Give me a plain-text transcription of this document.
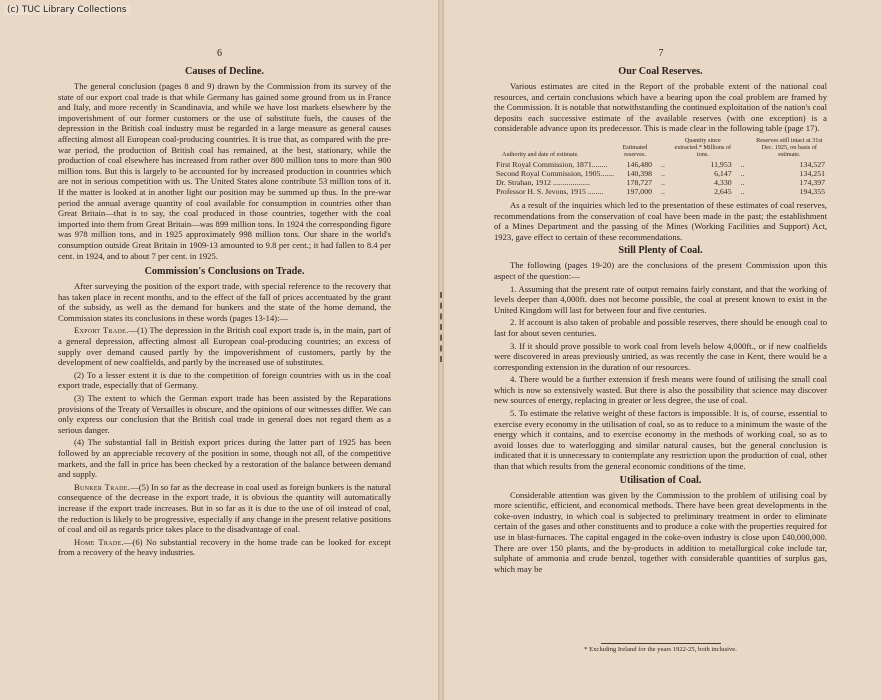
6
Causes of Decline.

The general conclusion (pages 8 and 9) drawn by the Commission from its survey of the state of our export coal trade is that while Germany has gained some ground from us in France and Italy, and more recently in Scandinavia, and while we have lost markets elsewhere by the impoverishment of our former customers or the use of substitute fuels, the causes of the depression in the British coal industry must be regarded in a large measure as general causes affecting almost all European coal-producing countries. It is true that, as compared with the pre-war period, the production of British coal has remained, at the best, stationary, while the production of coal elsewhere has increased from rather over 800 million tons to more than 900 million tons. But this is largely to be accounted for by increased production in countries which are not in serious competition with us. The United States alone contribute 53 million tons of it. If the matter is looked at in another light our position may be summed up thus. In the pre-war period the annual average quantity of coal available for consumption in countries other than Great Britain—that is to say, the coal produced in those countries, together with the coal imported into them from Great Britain—was 899 million tons. In 1924 the corresponding figure was 978 million tons, and in 1925 approximately 998 million tons. Our share in the world's consumption outside Great Britain in 1909-13 amounted to 9.8 per cent.; it had fallen to 8.4 per cent. in 1924, and to about 7 per cent. in 1925.

Commission's Conclusions on Trade.

After surveying the position of the export trade, with special reference to the recovery that has taken place in recent months, and to the effect of the fall of prices accentuated by the grant of the subsidy, as well as the demand for bunkers and the state of the home demand, the Commission states its conclusions in these words (pages 13-14):—

Export Trade.—(1) The depression in the British coal export trade is, in the main, part of a general depression, affecting almost all European coal-producing countries; an excess of supply over demand caused partly by the impoverishment of customers, partly by the development of new coalfields, and partly by the increased use of substitutes.

(2) To a lesser extent it is due to the competition of foreign countries with us in the coal export trade, especially that of Germany.

(3) The extent to which the German export trade has been assisted by the Reparations provisions of the Treaty of Versailles is obscure, and the opinions of our witnesses differ. We can only express our conclusion that the British coal trade in general does not regard them as a serious danger.

(4) The substantial fall in British export prices during the latter part of 1925 has been followed by an appreciable recovery of the position in some, though not all, of the competitive markets, and the fall in price has been checked by a restoration of the balance between demand and supply.

Bunker Trade.—(5) In so far as the decrease in coal used as foreign bunkers is the natural consequence of the decrease in the export trade, it is obvious the quantity will automatically increase if the export trade increases. But in so far as it is due to the use of oil instead of coal, the reduction is likely to be progressive, especially if any change in the present relative positions of coal and oil as regards price takes place to the disadvantage of coal.

Home Trade.—(6) No substantial recovery in the home trade can be looked for except from a recovery of the heavy industries.

7
Our Coal Reserves.

Various estimates are cited in the Report of the probable extent of the national coal resources, and certain conclusions which have a bearing upon the coal problem are framed by the Commission. It is notable that notwithstanding the continued exploitation of the nation's coal deposits each successive estimate of the available reserves (with one exception) is a considerable advance upon its predecessor. This is made clear in the following table (page 17).

Authority and date of estimate.	Estimated reserves.		Quantity since extracted.* Millions of tons.		Reserves still intact at 31st Dec. 1925, on basis of estimate.
First Royal Commission, 1871........	146,480	..	11,953	..	134,527
Second Royal Commission, 1905.......	140,398	..	6,147	..	134,251
Dr. Strahan, 1912 ...................	178,727	..	4,330	..	174,397
Professor H. S. Jevons, 1915 ........	197,000	..	2,645	..	194,355

As a result of the inquiries which led to the presentation of these estimates of coal reserves, recommendations from the conservation of coal have been made in the past; the establishment of a Mines Department and the passing of the Mines (Working Facilities and Support) Act, 1923, gave effect to certain of these recommendations.

Still Plenty of Coal.

The following (pages 19-20) are the conclusions of the present Commission upon this aspect of the question:—

1. Assuming that the present rate of output remains fairly constant, and that the working of levels deeper than 4,000ft. does not become possible, the coal at present known to exist in the United Kingdom will last for between four and five centuries.

2. If account is also taken of probable and possible reserves, there should be enough coal to last for about seven centuries.

3. If it should prove possible to work coal from levels below 4,000ft., or if new coalfields were discovered in areas previously untried, as was recently the case in Kent, there would be a corresponding extension in the duration of our resources.

4. There would be a further extension if fresh means were found of utilising the small coal which is now so extensively wasted. But there is also the possibility that science may discover new sources of energy, replacing in greater or less degree, the use of coal.

5. To estimate the relative weight of these factors is impossible. It is, of course, essential to exercise every economy in the utilisation of coal, so as to reduce to a minimum the waste of the energy which it contains, and to exercise economy in the methods of working coal, so as to avoid losses due to waterlogging and similar natural causes, but the general conclusion is indicated that it is unnecessary to contemplate any restriction upon the production of coal, other than that which results from the general economic conditions of the time.

Utilisation of Coal.

Considerable attention was given by the Commission to the problem of utilising coal by more scientific, efficient, and economical methods. There have been great developments in the coke-oven industry, in which coal is subjected to preliminary treatment in order to eliminate certain of the gases and other constituents and to produce a coke with the properties required for use in blast-furnaces. The capital engaged in the coke-oven industry is close upon £40,000,000. There are over 150 plants, and the by-products in addition to metallurgical coke include tar, sulphate of ammonia and crude benzol, together with considerable quantities of surplus gas, which may be

* Excluding Ireland for the years 1922-25, both inclusive.
(c) TUC Library Collections
